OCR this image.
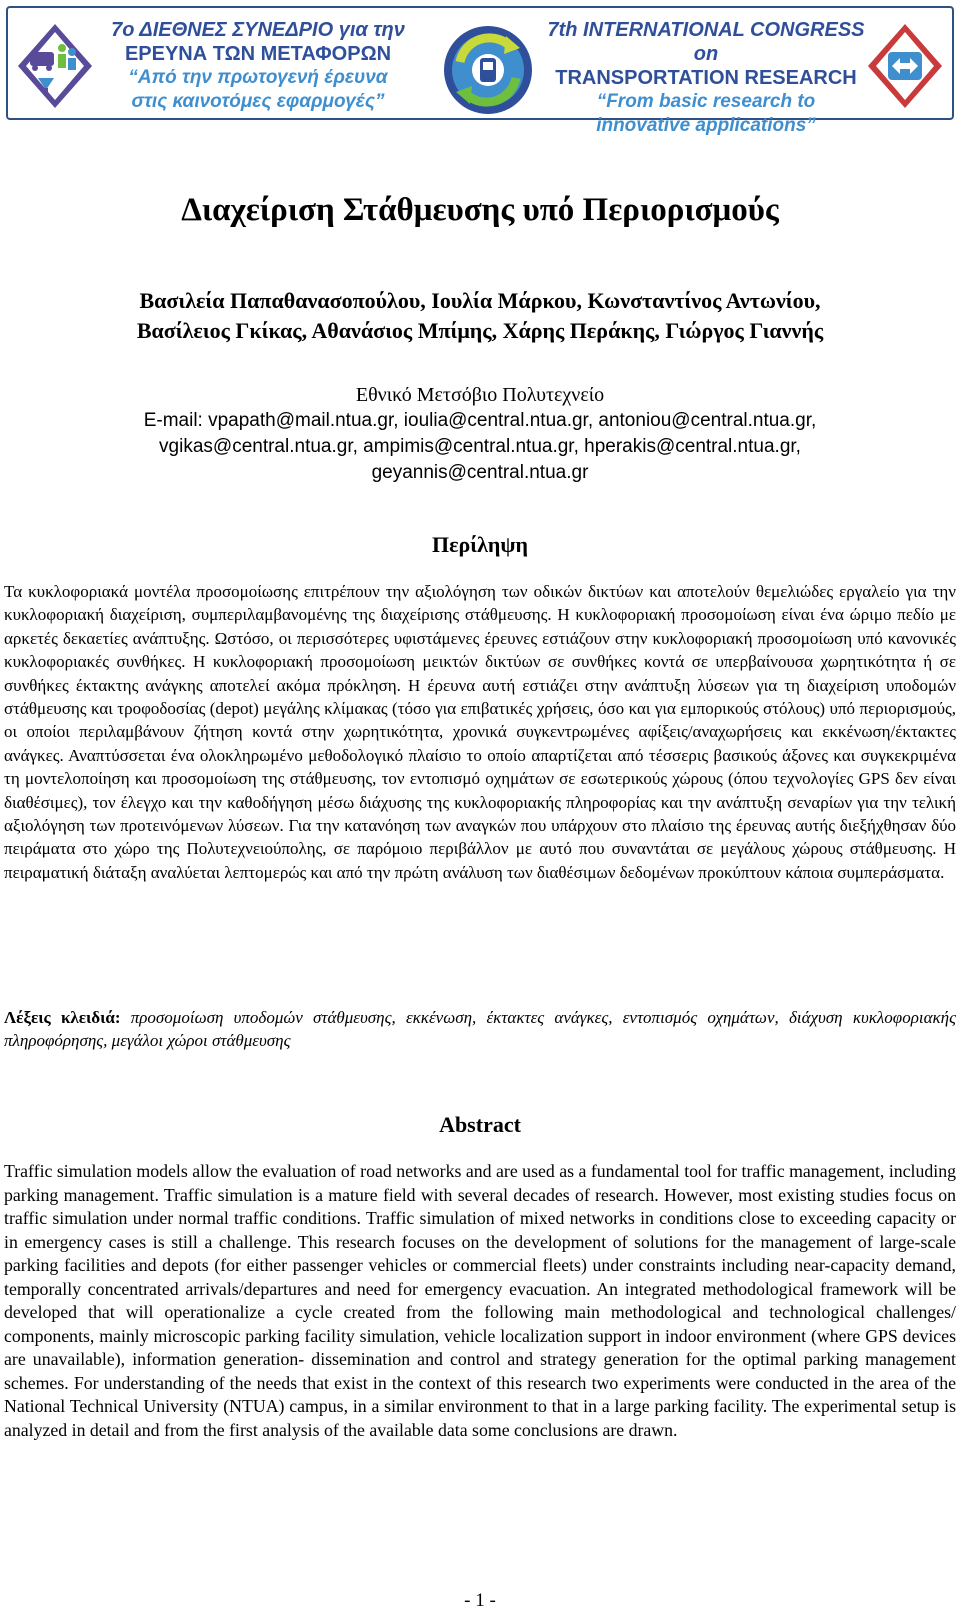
7ο ΔΙΕΘΝΕΣ ΣΥΝΕΔΡΙΟ για την
ΕΡΕΥΝΑ ΤΩΝ ΜΕΤΑΦΟΡΩΝ
“Από την πρωτογενή έρευνα
στις καινοτόμες εφαρμογές”
7th INTERNATIONAL CONGRESS on
TRANSPORTATION RESEARCH
“From basic research to
innovative applications”
Διαχείριση Στάθμευσης υπό Περιορισμούς
Βασιλεία Παπαθανασοπούλου, Ιουλία Μάρκου, Κωνσταντίνος Αντωνίου,
Βασίλειος Γκίκας, Αθανάσιος Μπίμης, Χάρης Περάκης, Γιώργος Γιαννής
Εθνικό Μετσόβιο Πολυτεχνείο
E-mail: vpapath@mail.ntua.gr, ioulia@central.ntua.gr, antoniou@central.ntua.gr,
vgikas@central.ntua.gr, ampimis@central.ntua.gr, hperakis@central.ntua.gr,
geyannis@central.ntua.gr
Περίληψη

Τα κυκλοφοριακά μοντέλα προσομοίωσης επιτρέπουν την αξιολόγηση των οδικών δικτύων και αποτελούν θεμελιώδες εργαλείο για την κυκλοφοριακή διαχείριση, συμπεριλαμβανομένης της διαχείρισης στάθμευσης. Η κυκλοφοριακή προσομοίωση είναι ένα ώριμο πεδίο με αρκετές δεκαετίες ανάπτυξης. Ωστόσο, οι περισσότερες υφιστάμενες έρευνες εστιάζουν στην κυκλοφοριακή προσομοίωση υπό κανονικές κυκλοφοριακές συνθήκες. Η κυκλοφοριακή προσομοίωση μεικτών δικτύων σε συνθήκες κοντά σε υπερβαίνουσα χωρητικότητα ή σε συνθήκες έκτακτης ανάγκης αποτελεί ακόμα πρόκληση. Η έρευνα αυτή εστιάζει στην ανάπτυξη λύσεων για τη διαχείριση υποδομών στάθμευσης και τροφοδοσίας (depot) μεγάλης κλίμακας (τόσο για επιβατικές χρήσεις, όσο και για εμπορικούς στόλους) υπό περιορισμούς, οι οποίοι περιλαμβάνουν ζήτηση κοντά στην χωρητικότητα, χρονικά συγκεντρωμένες αφίξεις/αναχωρήσεις και εκκένωση/έκτακτες ανάγκες. Αναπτύσσεται ένα ολοκληρωμένο μεθοδολογικό πλαίσιο το οποίο απαρτίζεται από τέσσερις βασικούς άξονες και συγκεκριμένα τη μοντελοποίηση και προσομοίωση της στάθμευσης, τον εντοπισμό οχημάτων σε εσωτερικούς χώρους (όπου τεχνολογίες GPS δεν είναι διαθέσιμες), τον έλεγχο και την καθοδήγηση μέσω διάχυσης της κυκλοφοριακής πληροφορίας και την ανάπτυξη σεναρίων για την τελική αξιολόγηση των προτεινόμενων λύσεων. Για την κατανόηση των αναγκών που υπάρχουν στο πλαίσιο της έρευνας αυτής διεξήχθησαν δύο πειράματα στο χώρο της Πολυτεχνειούπολης, σε παρόμοιο περιβάλλον με αυτό που συναντάται σε μεγάλους χώρους στάθμευσης. Η πειραματική διάταξη αναλύεται λεπτομερώς και από την πρώτη ανάλυση των διαθέσιμων δεδομένων προκύπτουν κάποια συμπεράσματα.

Λέξεις κλειδιά: προσομοίωση υποδομών στάθμευσης, εκκένωση, έκτακτες ανάγκες, εντοπισμός οχημάτων, διάχυση κυκλοφοριακής πληροφόρησης, μεγάλοι χώροι στάθμευσης

Abstract

Traffic simulation models allow the evaluation of road networks and are used as a fundamental tool for traffic management, including parking management. Traffic simulation is a mature field with several decades of research. However, most existing studies focus on traffic simulation under normal traffic conditions. Traffic simulation of mixed networks in conditions close to exceeding capacity or in emergency cases is still a challenge. This research focuses on the development of solutions for the management of large-scale parking facilities and depots (for either passenger vehicles or commercial fleets) under constraints including near-capacity demand, temporally concentrated arrivals/departures and need for emergency evacuation. An integrated methodological framework will be developed that will operationalize a cycle created from the following main methodological and technological challenges/ components, mainly microscopic parking facility simulation, vehicle localization support in indoor environment (where GPS devices are unavailable), information generation- dissemination and control and strategy generation for the optimal parking management schemes. For understanding of the needs that exist in the context of this research two experiments were conducted in the area of the National Technical University (NTUA) campus, in a similar environment to that in a large parking facility. The experimental setup is analyzed in detail and from the first analysis of the available data some conclusions are drawn.

- 1 -
